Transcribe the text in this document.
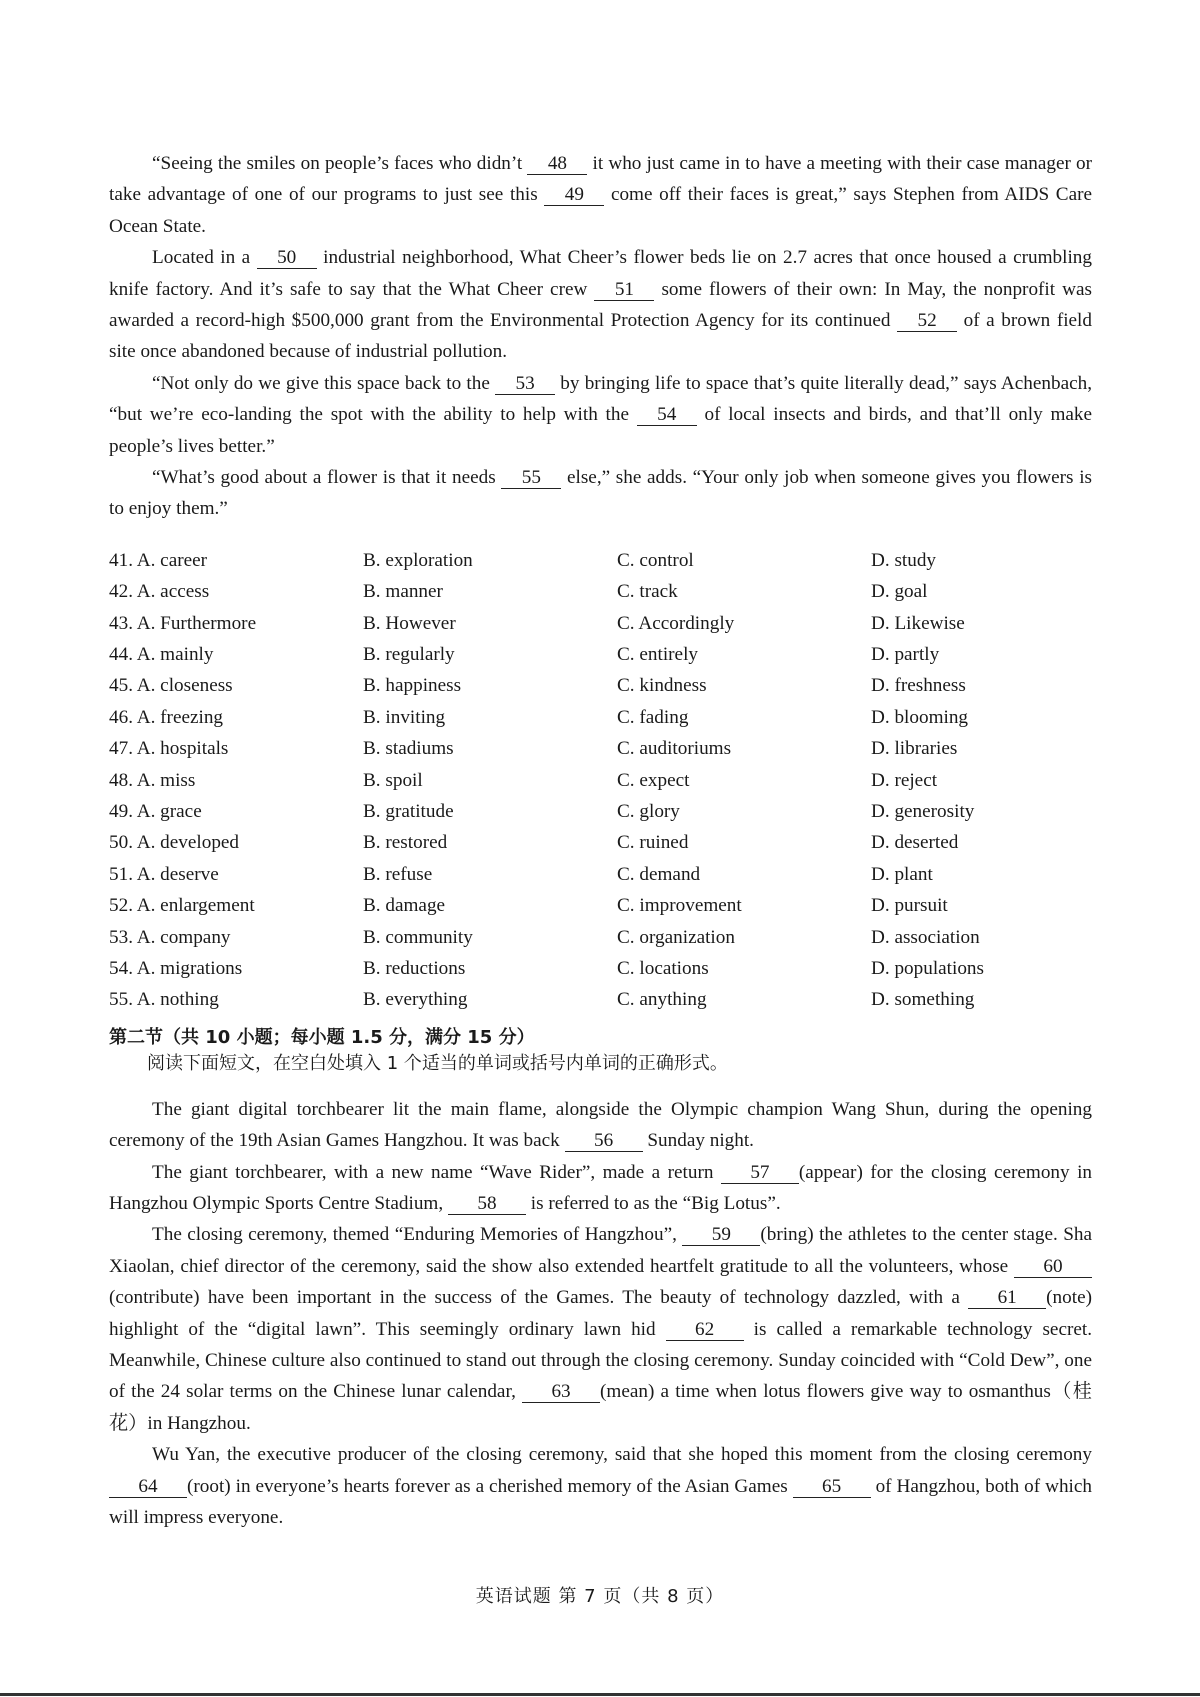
“Seeing the smiles on people’s faces who didn’t 48 it who just came in to have a meeting with their case manager or take advantage of one of our programs to just see this 49 come off their faces is great,” says Stephen from AIDS Care Ocean State.

Located in a 50 industrial neighborhood, What Cheer’s flower beds lie on 2.7 acres that once housed a crumbling knife factory. And it’s safe to say that the What Cheer crew 51 some flowers of their own: In May, the nonprofit was awarded a record-high $500,000 grant from the Environmental Protection Agency for its continued 52 of a brown field site once abandoned because of industrial pollution.

“Not only do we give this space back to the 53 by bringing life to space that’s quite literally dead,” says Achenbach, “but we’re eco-landing the spot with the ability to help with the 54 of local insects and birds, and that’ll only make people’s lives better.”

“What’s good about a flower is that it needs 55 else,” she adds. “Your only job when someone gives you flowers is to enjoy them.”

41. A. career	B. exploration	C. control	D. study
42. A. access	B. manner	C. track	D. goal
43. A. Furthermore	B. However	C. Accordingly	D. Likewise
44. A. mainly	B. regularly	C. entirely	D. partly
45. A. closeness	B. happiness	C. kindness	D. freshness
46. A. freezing	B. inviting	C. fading	D. blooming
47. A. hospitals	B. stadiums	C. auditoriums	D. libraries
48. A. miss	B. spoil	C. expect	D. reject
49. A. grace	B. gratitude	C. glory	D. generosity
50. A. developed	B. restored	C. ruined	D. deserted
51. A. deserve	B. refuse	C. demand	D. plant
52. A. enlargement	B. damage	C. improvement	D. pursuit
53. A. company	B. community	C. organization	D. association
54. A. migrations	B. reductions	C. locations	D. populations
55. A. nothing	B. everything	C. anything	D. something
第二节（共 10 小题；每小题 1.5 分，满分 15 分）
阅读下面短文，在空白处填入 1 个适当的单词或括号内单词的正确形式。

The giant digital torchbearer lit the main flame, alongside the Olympic champion Wang Shun, during the opening ceremony of the 19th Asian Games Hangzhou. It was back 56 Sunday night.

The giant torchbearer, with a new name “Wave Rider”, made a return 57 (appear) for the closing ceremony in Hangzhou Olympic Sports Centre Stadium, 58 is referred to as the “Big Lotus”.

The closing ceremony, themed “Enduring Memories of Hangzhou”, 59 (bring) the athletes to the center stage. Sha Xiaolan, chief director of the ceremony, said the show also extended heartfelt gratitude to all the volunteers, whose 60(contribute) have been important in the success of the Games. The beauty of technology dazzled, with a 61 (note) highlight of the “digital lawn”. This seemingly ordinary lawn hid 62 is called a remarkable technology secret. Meanwhile, Chinese culture also continued to stand out through the closing ceremony. Sunday coincided with “Cold Dew”, one of the 24 solar terms on the Chinese lunar calendar, 63 (mean) a time when lotus flowers give way to osmanthus（桂花）in Hangzhou.

Wu Yan, the executive producer of the closing ceremony, said that she hoped this moment from the closing ceremony 64 (root) in everyone’s hearts forever as a cherished memory of the Asian Games 65 of Hangzhou, both of which will impress everyone.

英语试题 第 7 页（共 8 页）
